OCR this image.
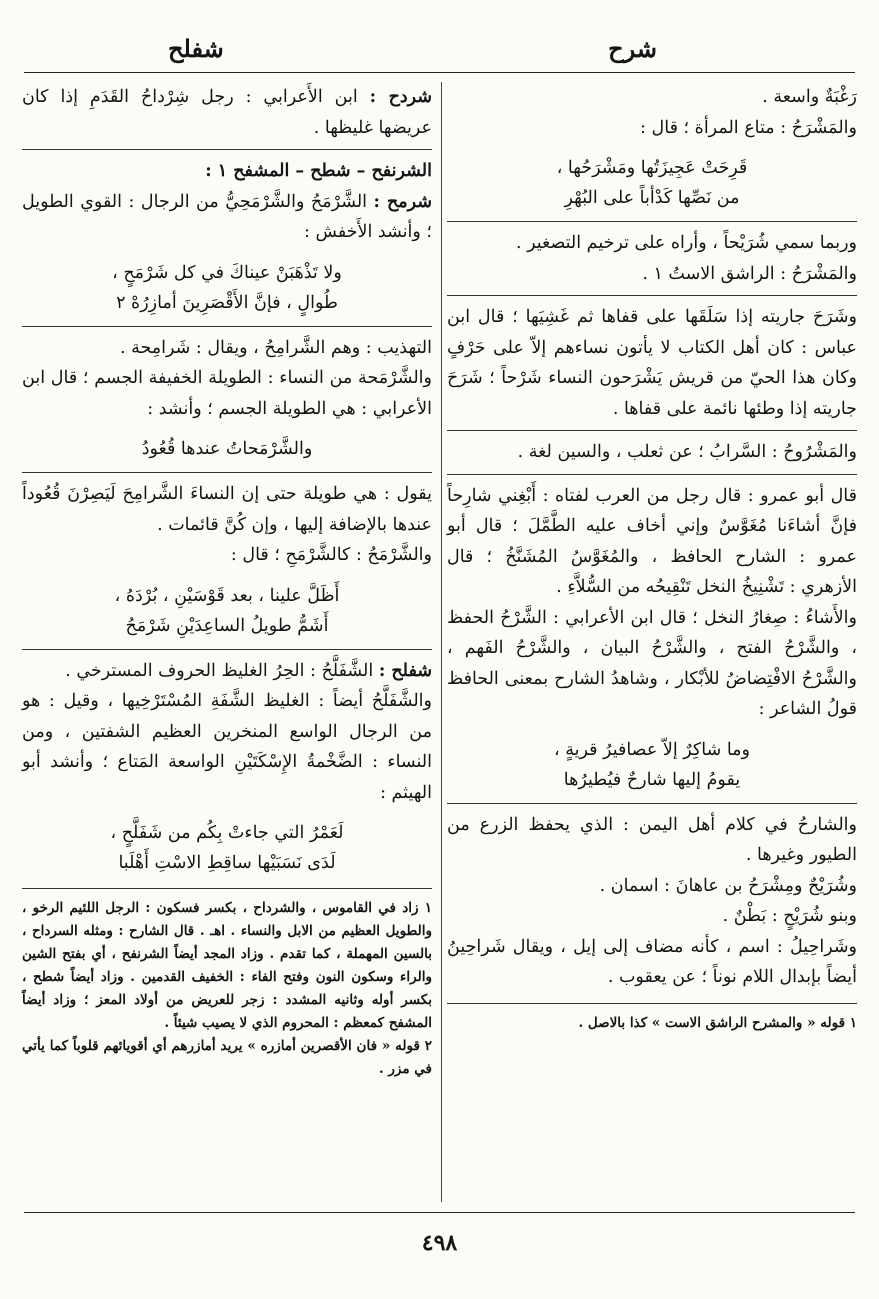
شرح
شفلح

رَغْبَةٌ واسعة .

والمَشْرَحُ : متاع المرأة ؛ قال :

قَرِحَتْ عَجِيزَتُها ومَشْرَحُها ،
من نَصِّها كَدْأباً على البُهْرِ

وربما سمي شُرَيْحاً ، وأراه على ترخيم التصغير .

والمَشْرَحُ : الراشق الاستُ ١ .

وشَرَحَ جاريته إذا سَلَقَها على قفاها ثم غَشِيَها ؛ قال ابن عباس : كان أهل الكتاب لا يأتون نساءهم إلاّ على حَرْفٍ وكان هذا الحيّ من قريش يَشْرَحون النساء شَرْحاً ؛ شَرَحَ جاريته إذا وطئها نائمة على قفاها .

والمَشْرُوحُ : السَّرابُ ؛ عن ثعلب ، والسين لغة .

قال أبو عمرو : قال رجل من العرب لفتاه : أَبْغِني شارِحاً فإنَّ أشاءَنا مُغَوَّسٌ وإني أخاف عليه الطَّمَّلَ ؛ قال أبو عمرو : الشارح الحافظ ، والمُغَوَّسُ المُشَنَّخُ ؛ قال الأزهري : تَشْنِيخُ النخل تَنْقِيحُه من السُّلاَّءِ .

والأَشاءُ : صِغارُ النخل ؛ قال ابن الأعرابي : الشَّرْحُ الحفظ ، والشَّرْحُ الفتح ، والشَّرْحُ البيان ، والشَّرْحُ الفَهم ، والشَّرْحُ الافْتِضاضُ للأبْكار ، وشاهدُ الشارح بمعنى الحافظ قولُ الشاعر :

وما شاكِرٌ إلاّ عصافيرُ قريةٍ ،
يقومُ إليها شارحٌ فيُطيرُها

والشارحُ في كلام أهل اليمن : الذي يحفظ الزرع من الطيور وغيرها .

وشُرَيْحٌ ومِشْرَحُ بن عاهانَ : اسمان .

وبنو شُرَيْحٍ : بَطْنٌ .

وشَراحِيلُ : اسم ، كأنه مضاف إلى إيل ، ويقال شَراحِينُ أيضاً بإبدال اللام نوناً ؛ عن يعقوب .

١ قوله « والمشرح الراشق الاست » كذا بالاصل .

شردح : ابن الأَعرابي : رجل شِرْداحُ القَدَمِ إذا كان عريضها غليظها .

الشرنفح – شطح – المشفح ١ :

شرمح : الشَّرْمَحُ والشَّرْمَحِيُّ من الرجال : القوي الطويل ؛ وأنشد الأَخفش :

ولا تَذْهَبَنْ عيناكَ في كل شَرْمَحٍ ،
طُوالٍ ، فإنَّ الأَقْصَرِينَ أمازِرُهْ ٢

التهذيب : وهم الشَّرامِحُ ، ويقال : شَرامِحة .

والشَّرْمَحة من النساء : الطويلة الخفيفة الجسم ؛ قال ابن الأعرابي : هي الطويلة الجسم ؛ وأنشد :

والشَّرْمَحاتُ عندها قُعُودُ

يقول : هي طويلة حتى إن النساءَ الشَّرامِحَ لَيَصِرْنَ قُعُوداً عندها بالإضافة إليها ، وإن كُنَّ قائمات .

والشَّرْمَحُ : كالشَّرْمَحِ ؛ قال :

أَظَلَّ علينا ، بعد قَوْسَيْنِ ، بُرْدَهُ ،
أَشَمُّ طويلُ الساعِدَيْنِ شَرْمَحُ

شفلح : الشَّفَلَّحُ : الحِرُ الغليظ الحروف المسترخي .

والشَّفَلَّحُ أيضاً : الغليظ الشَّفَةِ المُسْتَرْخِيها ، وقيل : هو من الرجال الواسع المنخرين العظيم الشفتين ، ومن النساء : الضَّخْمةُ الإِسْكَتَيْنِ الواسعة المَتاع ؛ وأنشد أبو الهيثم :

لَعَمْرُ التي جاءتْ بِكُم من شَفَلَّحٍ ،
لَدَى نَسَبَيْها ساقِطِ الاسْتِ أَهْلَبا

١ زاد في القاموس ، والشرداح ، بكسر فسكون : الرجل اللئيم الرخو ، والطويل العظيم من الابل والنساء . اهـ . قال الشارح : ومثله السرداح ، بالسين المهملة ، كما تقدم . وزاد المجد أيضاً الشرنفح ، أي بفتح الشين والراء وسكون النون وفتح الفاء : الخفيف القدمين . وزاد أيضاً شطح ، بكسر أوله وثانيه المشدد : زجر للعريض من أولاد المعز ؛ وزاد أيضاً المشفح كمعظم : المحروم الذي لا يصيب شيئاً .

٢ قوله « فان الأقصرين أمازره » يريد أمازرهم أي أقويائهم قلوباً كما يأتي في مزر .

٤٩٨
